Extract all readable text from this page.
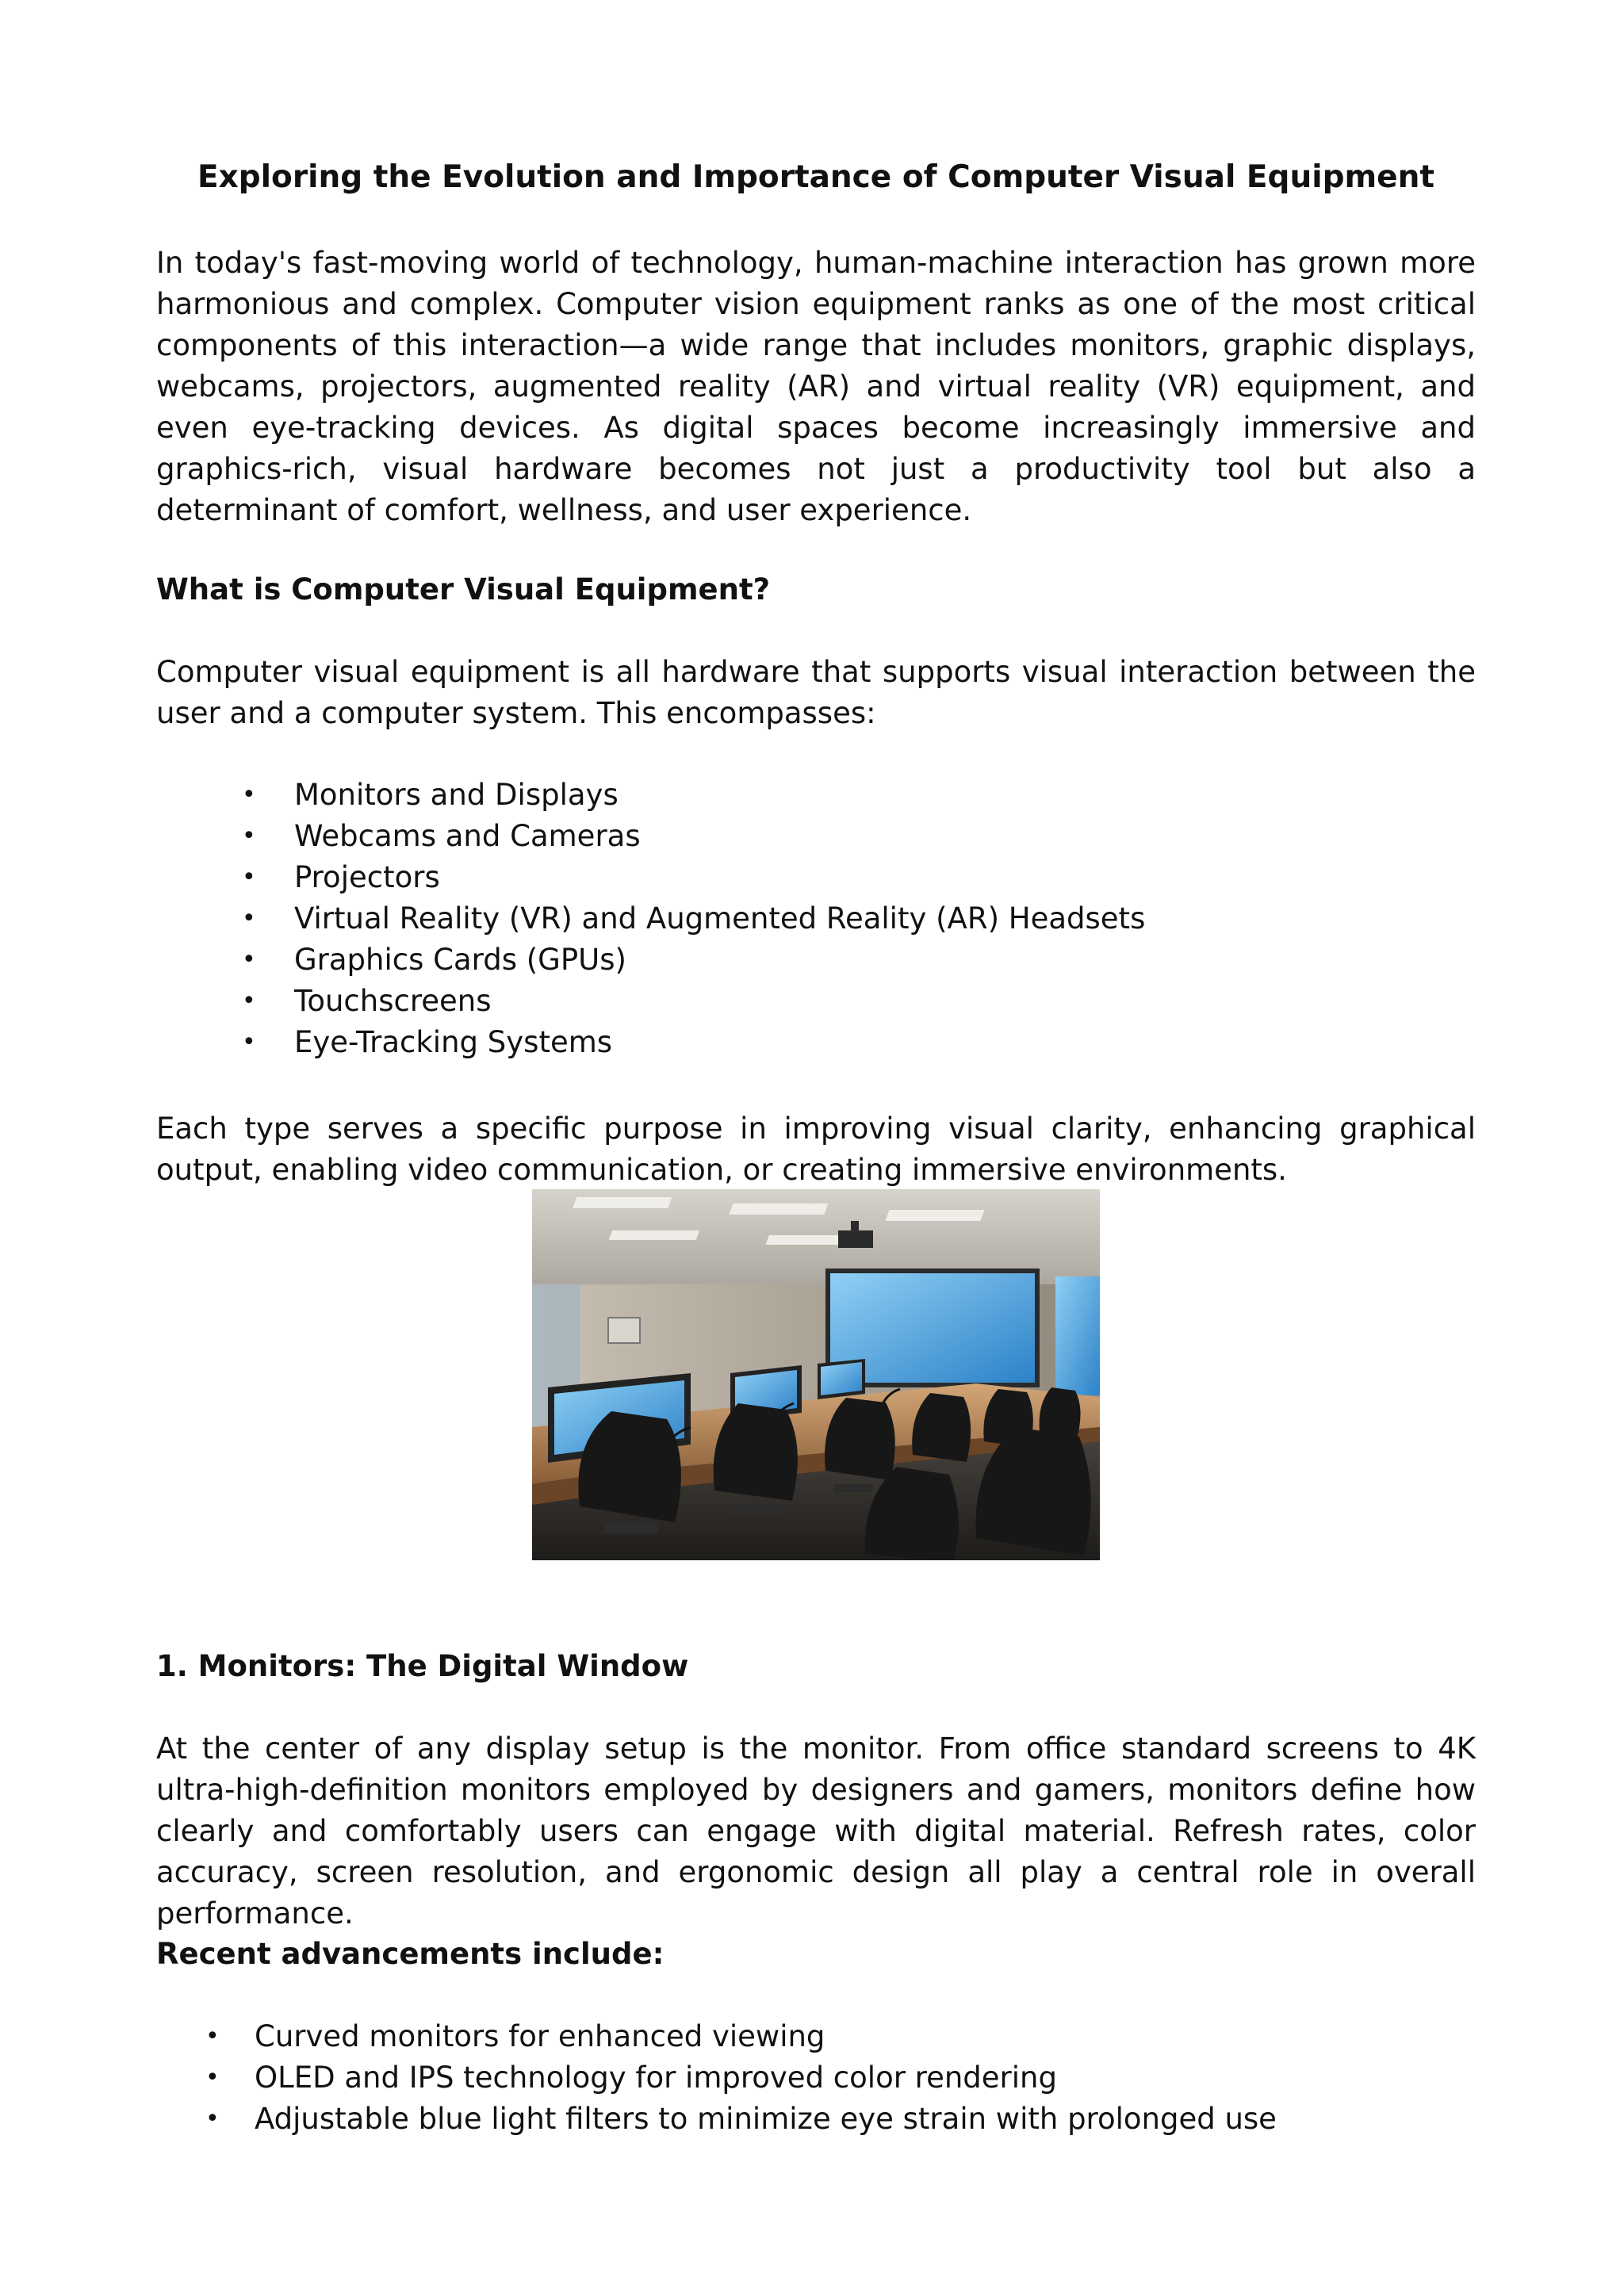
Exploring the Evolution and Importance of Computer Visual Equipment

In today's fast-moving world of technology, human-machine interaction has grown more harmonious and complex. Computer vision equipment ranks as one of the most critical components of this interaction—a wide range that includes monitors, graphic displays, webcams, projectors, augmented reality (AR) and virtual reality (VR) equipment, and even eye-tracking devices. As digital spaces become increasingly immersive and graphics-rich, visual hardware becomes not just a productivity tool but also a determinant of comfort, wellness, and user experience.

What is Computer Visual Equipment?

Computer visual equipment is all hardware that supports visual interaction between the user and a computer system. This encompasses:

• Monitors and Displays
• Webcams and Cameras
• Projectors
• Virtual Reality (VR) and Augmented Reality (AR) Headsets
• Graphics Cards (GPUs)
• Touchscreens
• Eye-Tracking Systems

Each type serves a specific purpose in improving visual clarity, enhancing graphical output, enabling video communication, or creating immersive environments.

1. Monitors: The Digital Window

At the center of any display setup is the monitor. From office standard screens to 4K ultra-high-definition monitors employed by designers and gamers, monitors define how clearly and comfortably users can engage with digital material. Refresh rates, color accuracy, screen resolution, and ergonomic design all play a central role in overall performance.

Recent advancements include:

• Curved monitors for enhanced viewing
• OLED and IPS technology for improved color rendering
• Adjustable blue light filters to minimize eye strain with prolonged use
